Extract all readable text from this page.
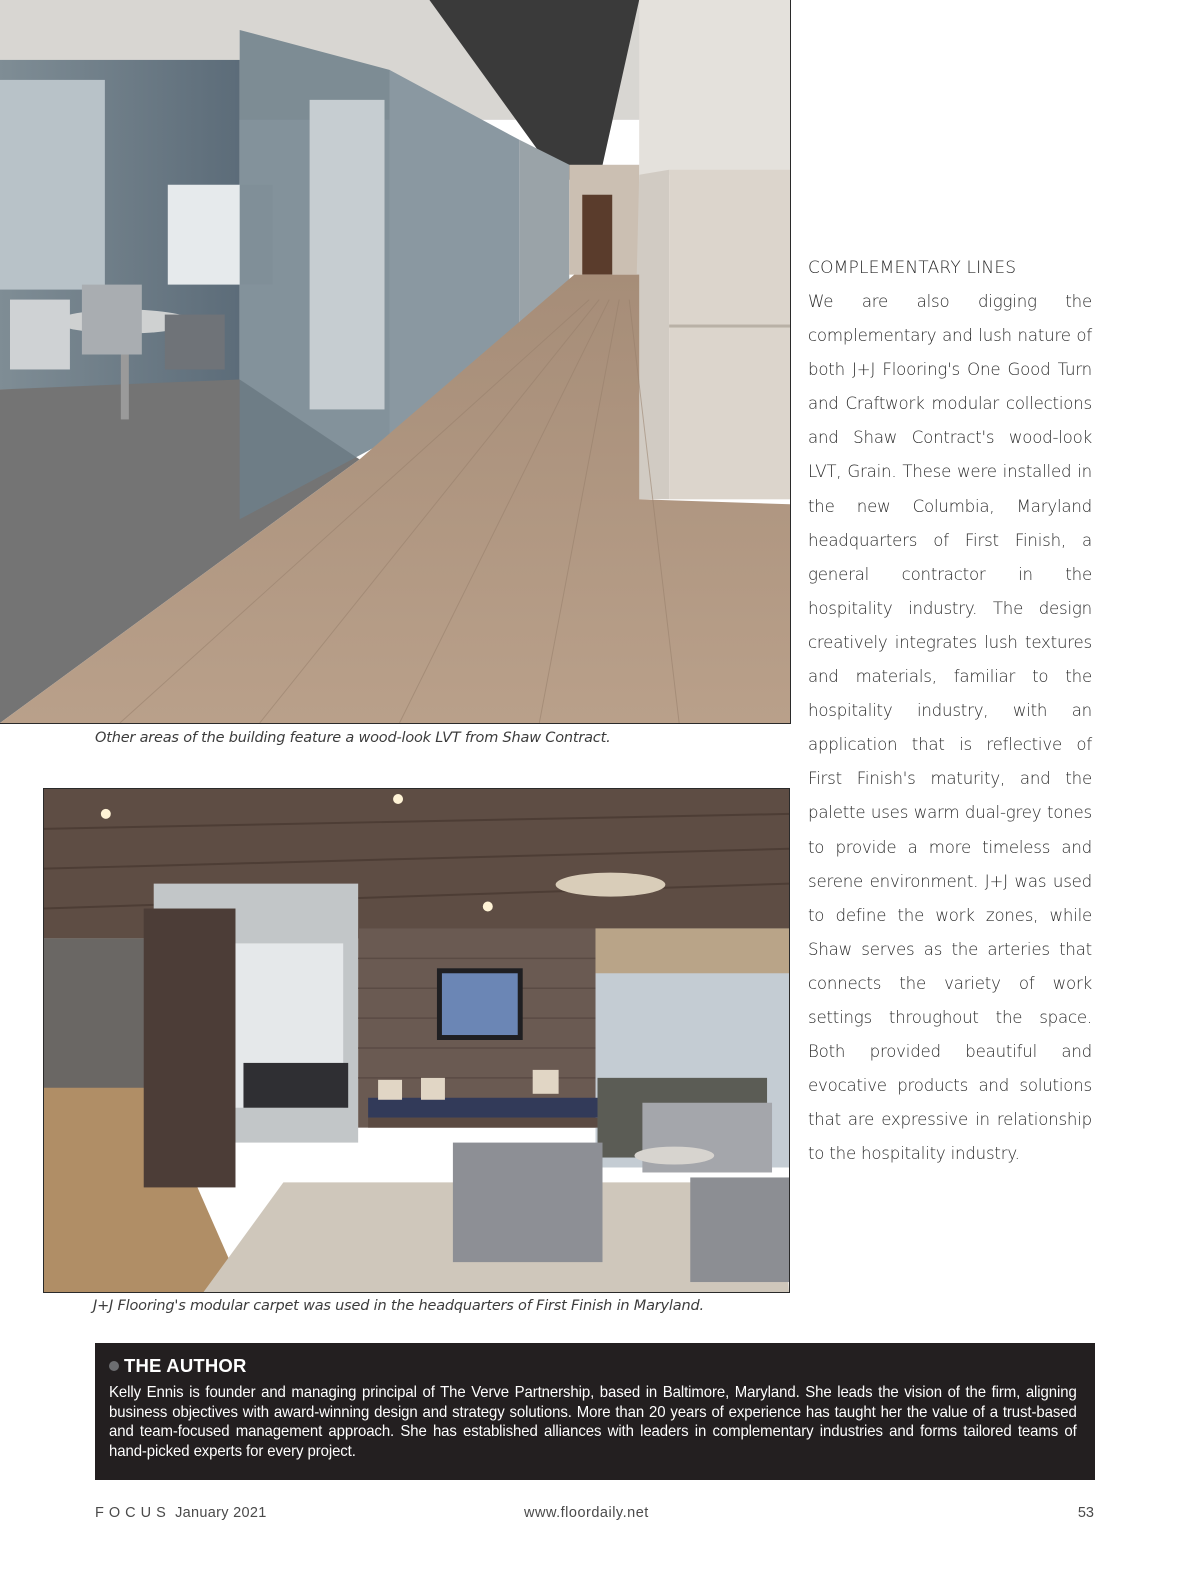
Other areas of the building feature a wood-look LVT from Shaw Contract.
J+J Flooring's modular carpet was used in the headquarters of First Finish in Maryland.
COMPLEMENTARY LINES

We are also digging the complementary and lush nature of both J+J Flooring's One Good Turn and Craftwork modular collections and Shaw Contract's wood-look LVT, Grain. These were installed in the new Columbia, Maryland headquarters of First Finish, a general contractor in the hospitality industry. The design creatively integrates lush textures and materials, familiar to the hospitality industry, with an application that is reflective of First Finish's maturity, and the palette uses warm dual-grey tones to provide a more timeless and serene environment. J+J was used to define the work zones, while Shaw serves as the arteries that connects the variety of work settings throughout the space. Both provided beautiful and evocative products and solutions that are expressive in relationship to the hospitality industry.

THE AUTHOR
Kelly Ennis is founder and managing principal of The Verve Partnership, based in Baltimore, Maryland. She leads the vision of the firm, aligning business objectives with award-winning design and strategy solutions. More than 20 years of experience has taught her the value of a trust-based and team-focused management approach. She has established alliances with leaders in complementary industries and forms tailored teams of hand-picked experts for every project.
FOCUS January 2021	www.floordaily.net	53
